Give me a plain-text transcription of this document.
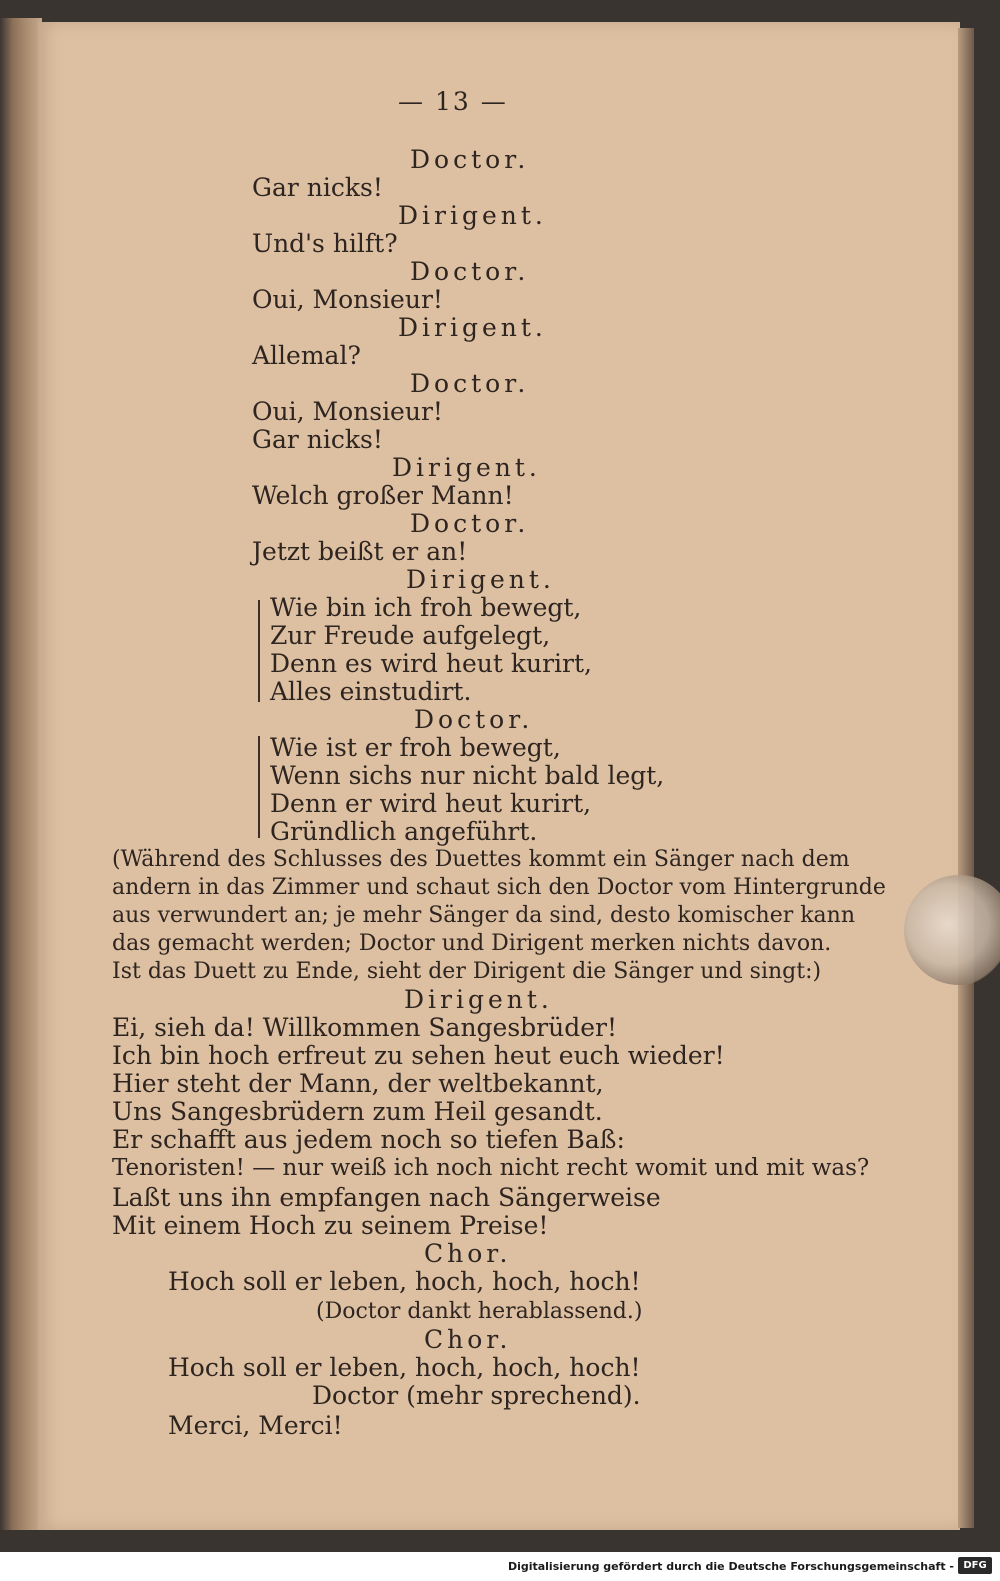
— 13 —
Doctor.
Gar nicks!
Dirigent.
Und's hilft?
Doctor.
Oui, Monsieur!
Dirigent.
Allemal?
Doctor.
Oui, Monsieur!
Gar nicks!
Dirigent.
Welch großer Mann!
Doctor.
Jetzt beißt er an!
Dirigent.
Wie bin ich froh bewegt,
Zur Freude aufgelegt,
Denn es wird heut kurirt,
Alles einstudirt.
Doctor.
Wie ist er froh bewegt,
Wenn sichs nur nicht bald legt,
Denn er wird heut kurirt,
Gründlich angeführt.
(Während des Schlusses des Duettes kommt ein Sänger nach dem
andern in das Zimmer und schaut sich den Doctor vom Hintergrunde
aus verwundert an; je mehr Sänger da sind, desto komischer kann
das gemacht werden; Doctor und Dirigent merken nichts davon.
Ist das Duett zu Ende, sieht der Dirigent die Sänger und singt:)
Dirigent.
Ei, sieh da! Willkommen Sangesbrüder!
Ich bin hoch erfreut zu sehen heut euch wieder!
Hier steht der Mann, der weltbekannt,
Uns Sangesbrüdern zum Heil gesandt.
Er schafft aus jedem noch so tiefen Baß:
Tenoristen! — nur weiß ich noch nicht recht womit und mit was?
Laßt uns ihn empfangen nach Sängerweise
Mit einem Hoch zu seinem Preise!
Chor.
Hoch soll er leben, hoch, hoch, hoch!
(Doctor dankt herablassend.)
Chor.
Hoch soll er leben, hoch, hoch, hoch!
Doctor (mehr sprechend).
Merci, Merci!
Digitalisierung gefördert durch die Deutsche Forschungsgemeinschaft - DFG
